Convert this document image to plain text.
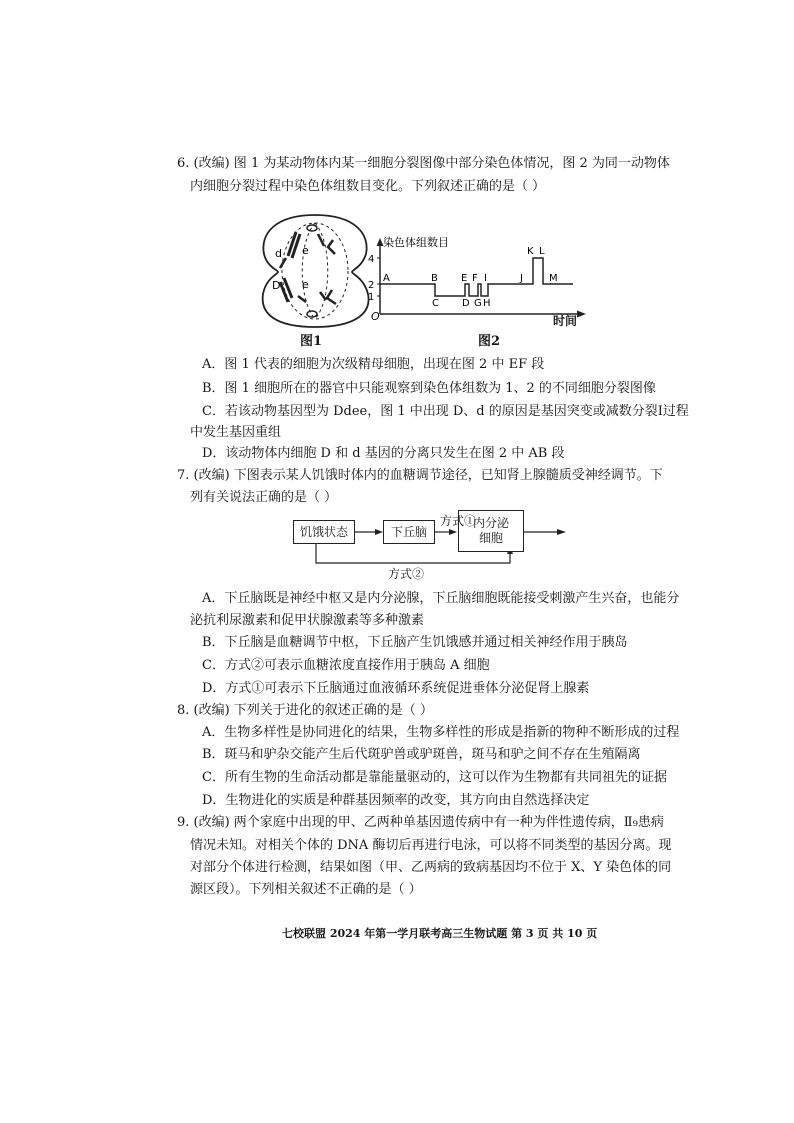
6. (改编) 图 1 为某动物体内某一细胞分裂图像中部分染色体情况，图 2 为同一动物体
内细胞分裂过程中染色体组数目变化。下列叙述正确的是（ ）
d e
D e
图1
染色体组数目
4
2
1
O
A	B
C D
E F
G H
I	J
K L
M
时间
图2
A．图 1 代表的细胞为次级精母细胞，出现在图 2 中 EF 段
B．图 1 细胞所在的器官中只能观察到染色体组数为 1、2 的不同细胞分裂图像
C．若该动物基因型为 Ddee，图 1 中出现 D、d 的原因是基因突变或减数分裂Ⅰ过程
中发生基因重组
D．该动物体内细胞 D 和 d 基因的分离只发生在图 2 中 AB 段
7. (改编) 下图表示某人饥饿时体内的血糖调节途径，已知肾上腺髓质受神经调节。下
列有关说法正确的是（ ）
饥饿状态	下丘脑
内分泌
细胞
方式①
方式②
A．下丘脑既是神经中枢又是内分泌腺，下丘脑细胞既能接受刺激产生兴奋，也能分
泌抗利尿激素和促甲状腺激素等多种激素
B．下丘脑是血糖调节中枢，下丘脑产生饥饿感并通过相关神经作用于胰岛
C．方式②可表示血糖浓度直接作用于胰岛 A 细胞
D．方式①可表示下丘脑通过血液循环系统促进垂体分泌促肾上腺素
8. (改编) 下列关于进化的叙述正确的是（ ）
A．生物多样性是协同进化的结果，生物多样性的形成是指新的物种不断形成的过程
B．斑马和驴杂交能产生后代斑驴兽或驴斑兽，斑马和驴之间不存在生殖隔离
C．所有生物的生命活动都是靠能量驱动的，这可以作为生物都有共同祖先的证据
D．生物进化的实质是种群基因频率的改变，其方向由自然选择决定
9. (改编) 两个家庭中出现的甲、乙两种单基因遗传病中有一种为伴性遗传病，Ⅱ₉患病
情况未知。对相关个体的 DNA 酶切后再进行电泳，可以将不同类型的基因分离。现
对部分个体进行检测，结果如图（甲、乙两病的致病基因均不位于 X、Y 染色体的同
源区段）。下列相关叙述不正确的是（ ）
七校联盟 2024 年第一学月联考高三生物试题 第 3 页 共 10 页
